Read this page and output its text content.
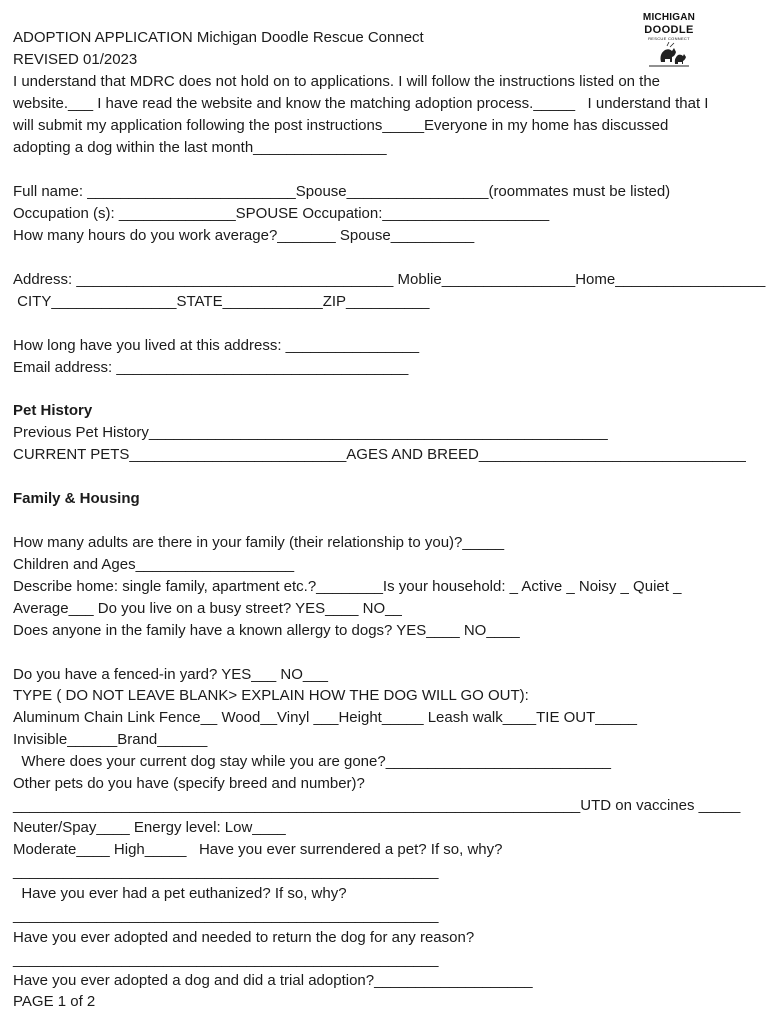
MICHIGAN
DOODLE
RESCUE CONNECT
ADOPTION APPLICATION Michigan Doodle Rescue Connect
REVISED 01/2023
I understand that MDRC does not hold on to applications. I will follow the instructions listed on the
website.___ I have read the website and know the matching adoption process._____   I understand that I
will submit my application following the post instructions_____Everyone in my home has discussed
adopting a dog within the last month________________
Full name: _________________________Spouse_________________(roommates must be listed)
Occupation (s): ______________SPOUSE Occupation:____________________
How many hours do you work average?_______ Spouse__________
Address: ______________________________________ Moblie________________Home__________________
CITY_______________STATE____________ZIP__________
How long have you lived at this address: ________________
Email address: ___________________________________
Pet History
Previous Pet History_______________________________________________________
CURRENT PETS__________________________AGES AND BREED________________________________
Family & Housing
How many adults are there in your family (their relationship to you)?_____
Children and Ages___________________
Describe home: single family, apartment etc.?________Is your household: _ Active _ Noisy _ Quiet _
Average___ Do you live on a busy street? YES____ NO__
Does anyone in the family have a known allergy to dogs? YES____ NO____
Do you have a fenced-in yard? YES___ NO___
TYPE ( DO NOT LEAVE BLANK> EXPLAIN HOW THE DOG WILL GO OUT):
Aluminum Chain Link Fence__ Wood__Vinyl ___Height_____ Leash walk____TIE OUT_____
Invisible______Brand______
Where does your current dog stay while you are gone?___________________________
Other pets do you have (specify breed and number)?
____________________________________________________________________UTD on vaccines _____
Neuter/Spay____ Energy level: Low____
Moderate____ High_____   Have you ever surrendered a pet? If so, why?
___________________________________________________
Have you ever had a pet euthanized? If so, why?
___________________________________________________
Have you ever adopted and needed to return the dog for any reason?
___________________________________________________
Have you ever adopted a dog and did a trial adoption?___________________
PAGE 1 of 2
